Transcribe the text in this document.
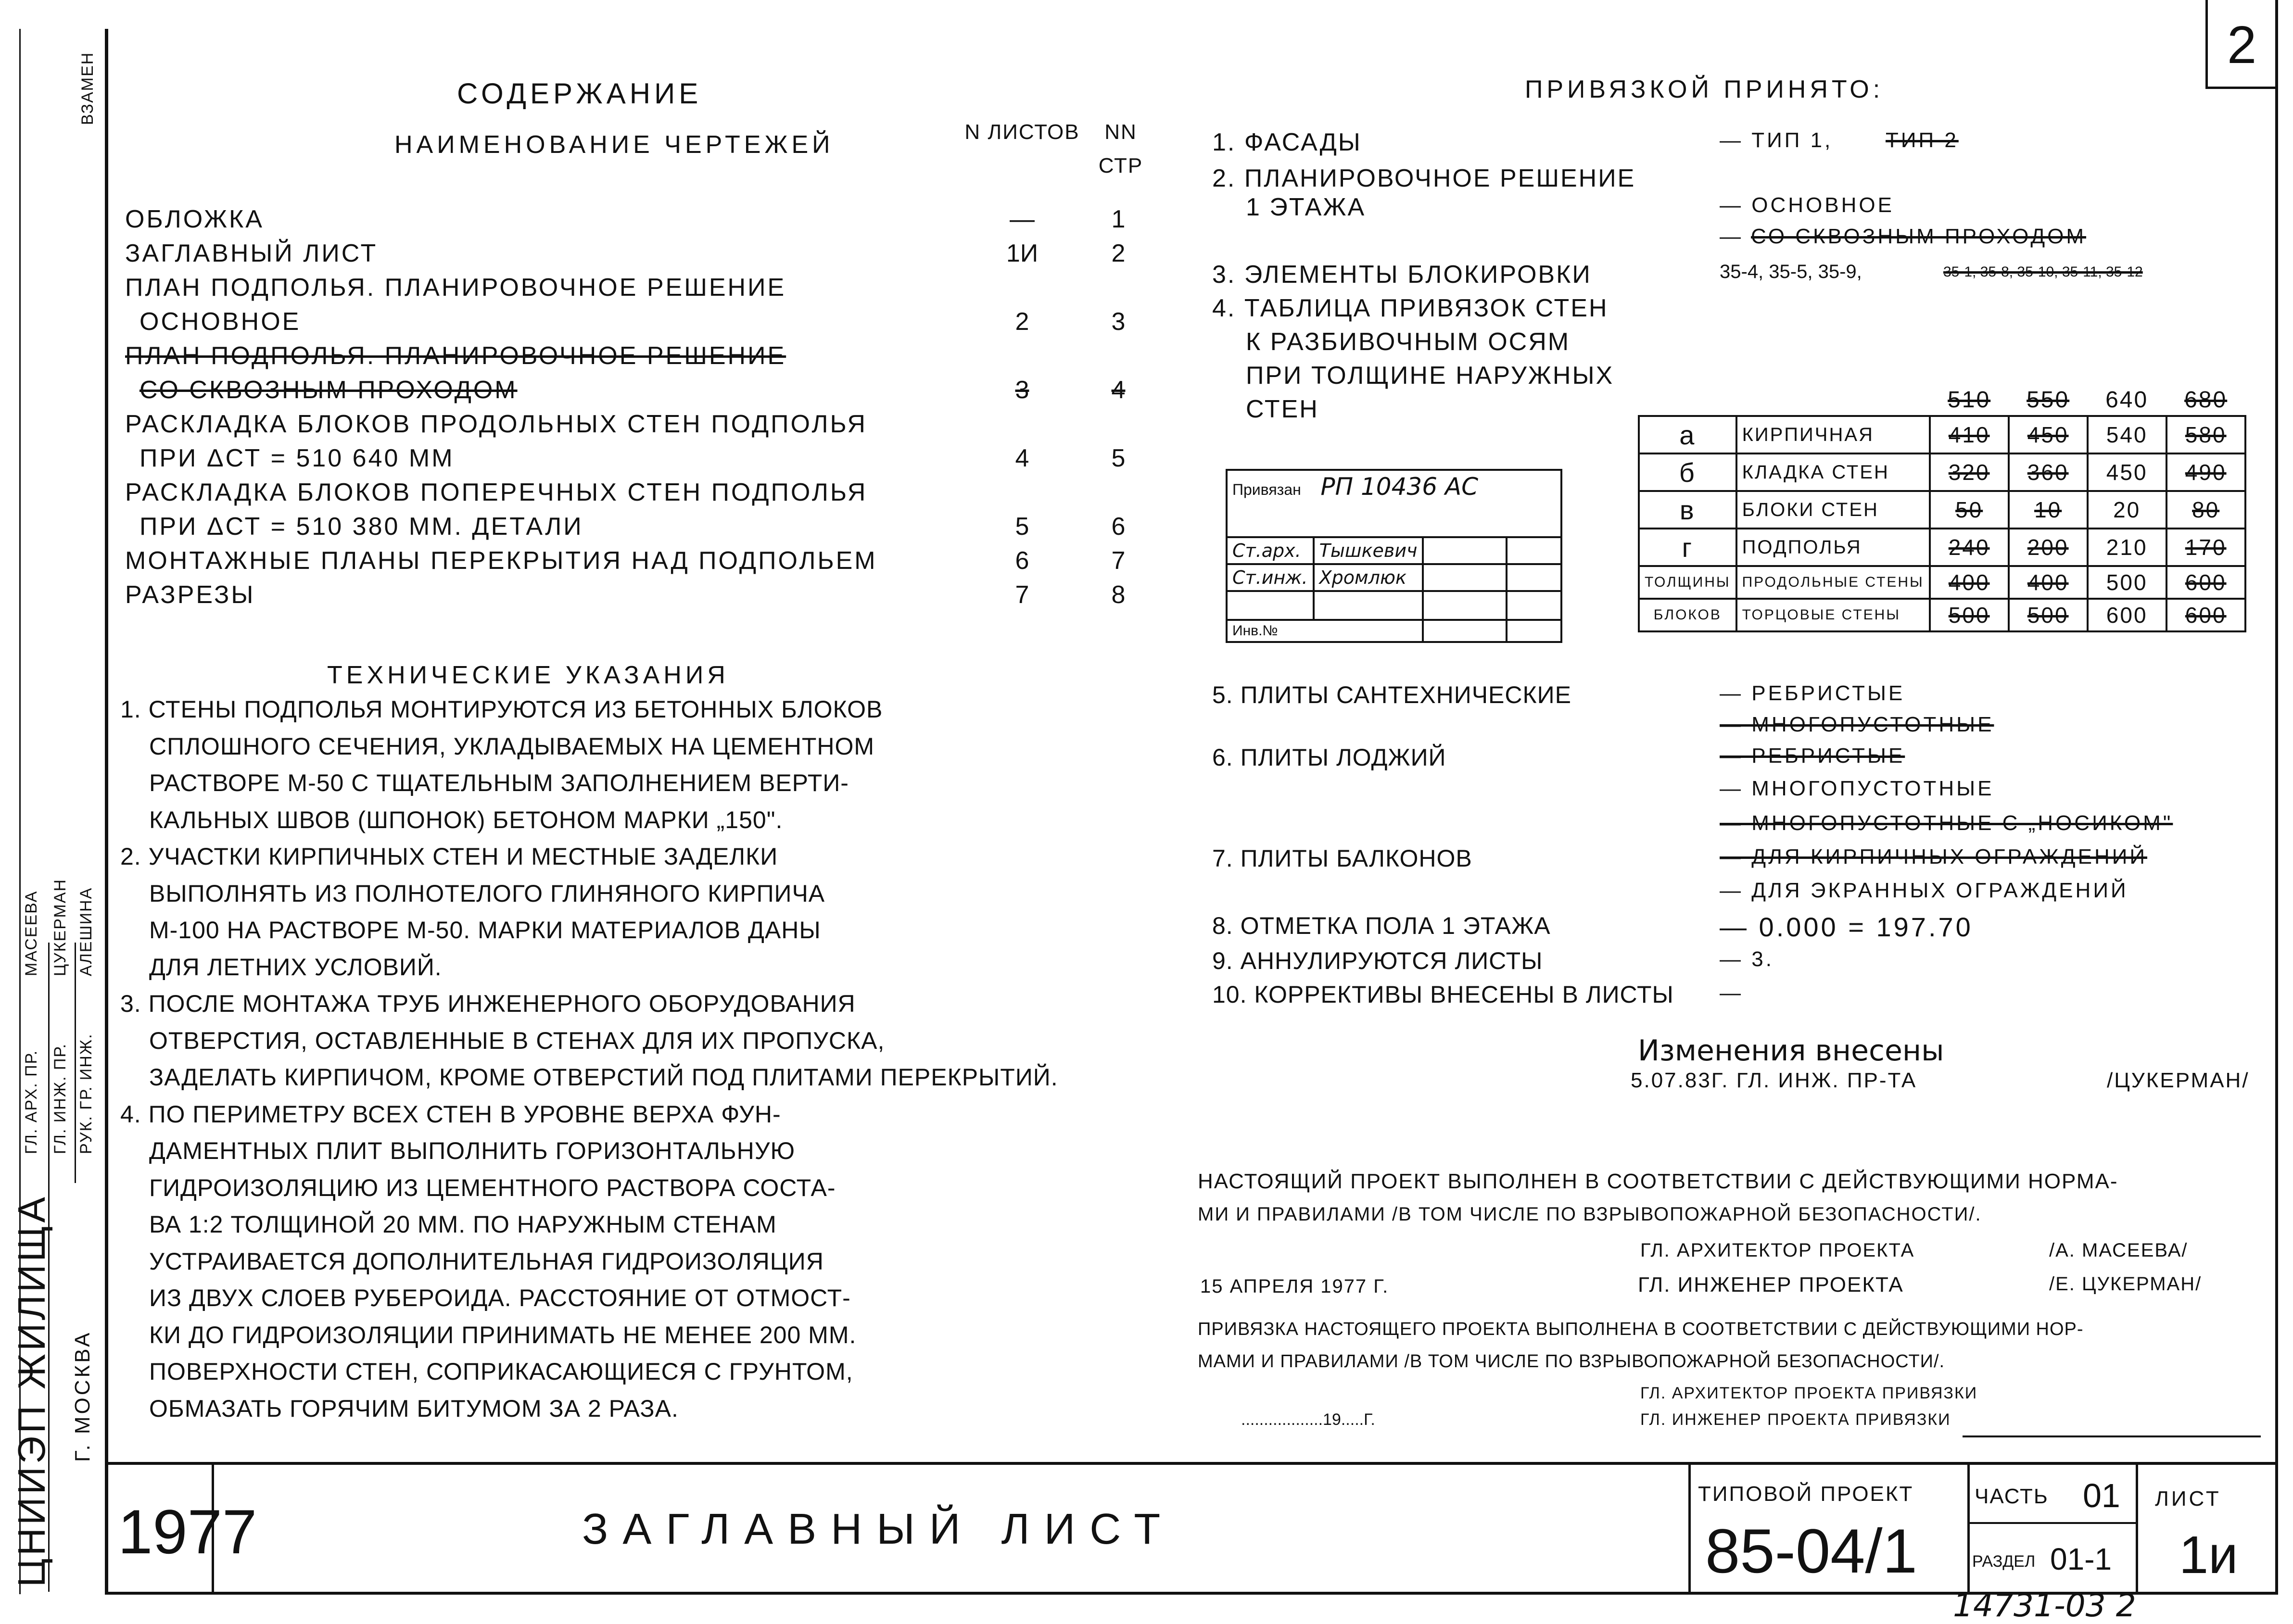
2
ВЗАМЕН
ЦНИИЭП ЖИЛИЩА Г. МОСКВА
ГЛ. АРХ. ПР. ГЛ. ИНЖ. ПР. РУК. ГР. ИНЖ.
МАСЕЕВА ЦУКЕРМАН АЛЕШИНА
СОДЕРЖАНИЕ
НАИМЕНОВАНИЕ ЧЕРТЕЖЕЙ	N ЛИСТОВ	NN СТР
ОБЛОЖКА	—	1
ЗАГЛАВНЫЙ ЛИСТ	1И	2
ПЛАН ПОДПОЛЬЯ. ПЛАНИРОВОЧНОЕ РЕШЕНИЕ
ОСНОВНОЕ	2	3
ПЛАН ПОДПОЛЬЯ. ПЛАНИРОВОЧНОЕ РЕШЕНИЕ
СО СКВОЗНЫМ ПРОХОДОМ	3	4
РАСКЛАДКА БЛОКОВ ПРОДОЛЬНЫХ СТЕН ПОДПОЛЬЯ
ПРИ ΔСТ = 510 640 ММ	4	5
РАСКЛАДКА БЛОКОВ ПОПЕРЕЧНЫХ СТЕН ПОДПОЛЬЯ
ПРИ ΔСТ = 510 380 ММ. ДЕТАЛИ	5	6
МОНТАЖНЫЕ ПЛАНЫ ПЕРЕКРЫТИЯ НАД ПОДПОЛЬЕМ	6	7
РАЗРЕЗЫ	7	8
ТЕХНИЧЕСКИЕ УКАЗАНИЯ
1. СТЕНЫ ПОДПОЛЬЯ МОНТИРУЮТСЯ ИЗ БЕТОННЫХ БЛОКОВ
СПЛОШНОГО СЕЧЕНИЯ, УКЛАДЫВАЕМЫХ НА ЦЕМЕНТНОМ
РАСТВОРЕ М-50 С ТЩАТЕЛЬНЫМ ЗАПОЛНЕНИЕМ ВЕРТИ-
КАЛЬНЫХ ШВОВ (ШПОНОК) БЕТОНОМ МАРКИ „150".
2. УЧАСТКИ КИРПИЧНЫХ СТЕН И МЕСТНЫЕ ЗАДЕЛКИ
ВЫПОЛНЯТЬ ИЗ ПОЛНОТЕЛОГО ГЛИНЯНОГО КИРПИЧА
М-100 НА РАСТВОРЕ М-50. МАРКИ МАТЕРИАЛОВ ДАНЫ
ДЛЯ ЛЕТНИХ УСЛОВИЙ.
3. ПОСЛЕ МОНТАЖА ТРУБ ИНЖЕНЕРНОГО ОБОРУДОВАНИЯ
ОТВЕРСТИЯ, ОСТАВЛЕННЫЕ В СТЕНАХ ДЛЯ ИХ ПРОПУСКА,
ЗАДЕЛАТЬ КИРПИЧОМ, КРОМЕ ОТВЕРСТИЙ ПОД ПЛИТАМИ ПЕРЕКРЫТИЙ.
4. ПО ПЕРИМЕТРУ ВСЕХ СТЕН В УРОВНЕ ВЕРХА ФУН-
ДАМЕНТНЫХ ПЛИТ ВЫПОЛНИТЬ ГОРИЗОНТАЛЬНУЮ
ГИДРОИЗОЛЯЦИЮ ИЗ ЦЕМЕНТНОГО РАСТВОРА СОСТА-
ВА 1:2 ТОЛЩИНОЙ 20 ММ. ПО НАРУЖНЫМ СТЕНАМ
УСТРАИВАЕТСЯ ДОПОЛНИТЕЛЬНАЯ ГИДРОИЗОЛЯЦИЯ
ИЗ ДВУХ СЛОЕВ РУБЕРОИДА. РАССТОЯНИЕ ОТ ОТМОСТ-
КИ ДО ГИДРОИЗОЛЯЦИИ ПРИНИМАТЬ НЕ МЕНЕЕ 200 ММ.
ПОВЕРХНОСТИ СТЕН, СОПРИКАСАЮЩИЕСЯ С ГРУНТОМ,
ОБМАЗАТЬ ГОРЯЧИМ БИТУМОМ ЗА 2 РАЗА.
ПРИВЯЗКОЙ ПРИНЯТО:
1. ФАСАДЫ	— ТИП 1, ТИП 2
2. ПЛАНИРОВОЧНОЕ РЕШЕНИЕ
1 ЭТАЖА	— ОСНОВНОЕ
— СО СКВОЗНЫМ ПРОХОДОМ
3. ЭЛЕМЕНТЫ БЛОКИРОВКИ	35-4, 35-5, 35-9,	35-1, 35-8, 35-10, 35-11, 35-12
4. ТАБЛИЦА ПРИВЯЗОК СТЕН
К РАЗБИВОЧНЫМ ОСЯМ
ПРИ ТОЛЩИНЕ НАРУЖНЫХ
СТЕН
5. ПЛИТЫ САНТЕХНИЧЕСКИЕ	— РЕБРИСТЫЕ
— МНОГОПУСТОТНЫЕ
6. ПЛИТЫ ЛОДЖИЙ	— РЕБРИСТЫЕ
— МНОГОПУСТОТНЫЕ
— МНОГОПУСТОТНЫЕ С „НОСИКОМ"
7. ПЛИТЫ БАЛКОНОВ	— ДЛЯ КИРПИЧНЫХ ОГРАЖДЕНИЙ
— ДЛЯ ЭКРАННЫХ ОГРАЖДЕНИЙ
8. ОТМЕТКА ПОЛА 1 ЭТАЖА	— 0.000 = 197.70
9. АННУЛИРУЮТСЯ ЛИСТЫ	— 3.
10. КОРРЕКТИВЫ ВНЕСЕНЫ В ЛИСТЫ —
		510	550	640	680
а	КИРПИЧНАЯ	410	450	540	580
б	КЛАДКА СТЕН	320	360	450	490
в	БЛОКИ СТЕН	50	10	20	80
г	ПОДПОЛЬЯ	240	200	210	170
ТОЛЩИНЫ	ПРОДОЛЬНЫЕ СТЕНЫ	400	400	500	600
БЛОКОВ	ТОРЦОВЫЕ СТЕНЫ	500	500	600	600
Привязан РП 10436 АС			
Ст.арх.	Тышкевич		
Ст.инж.	Хромлюк		

Инв.№			
Изменения внесены
5.07.83Г. ГЛ. ИНЖ. ПР-ТА	/ЦУКЕРМАН/
НАСТОЯЩИЙ ПРОЕКТ ВЫПОЛНЕН В СООТВЕТСТВИИ С ДЕЙСТВУЮЩИМИ НОРМА-
МИ И ПРАВИЛАМИ /В ТОМ ЧИСЛЕ ПО ВЗРЫВОПОЖАРНОЙ БЕЗОПАСНОСТИ/.
ГЛ. АРХИТЕКТОР ПРОЕКТА	/А. МАСЕЕВА/
15 АПРЕЛЯ 1977 Г.	ГЛ. ИНЖЕНЕР ПРОЕКТА	/Е. ЦУКЕРМАН/
ПРИВЯЗКА НАСТОЯЩЕГО ПРОЕКТА ВЫПОЛНЕНА В СООТВЕТСТВИИ С ДЕЙСТВУЮЩИМИ НОР-
МАМИ И ПРАВИЛАМИ /В ТОМ ЧИСЛЕ ПО ВЗРЫВОПОЖАРНОЙ БЕЗОПАСНОСТИ/.
ГЛ. АРХИТЕКТОР ПРОЕКТА ПРИВЯЗКИ
..................19.....Г.	ГЛ. ИНЖЕНЕР ПРОЕКТА ПРИВЯЗКИ
1977	ЗАГЛАВНЫЙ ЛИСТ
ТИПОВОЙ ПРОЕКТ
85-04/1
ЧАСТЬ 01
РАЗДЕЛ 01-1
ЛИСТ
1и
14731-03 2
